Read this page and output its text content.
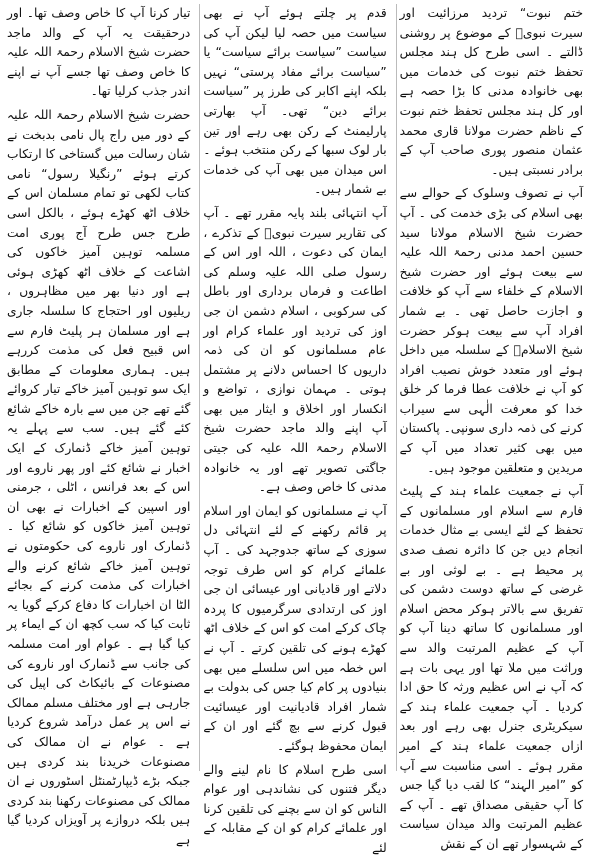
ختم نبوت“ تردید مرزائیت اور سیرت نبویؐ کے موضوع پر روشنی ڈالتے ۔ اسی طرح کل ہند مجلس تحفظ ختم نبوت کی خدمات میں بھی خانوادہ مدنی کا بڑا حصہ ہے اور کل ہند مجلس تحفظ ختم نبوت کے ناظم حضرت مولانا قاری محمد عثمان منصور پوری صاحب آپ کے برادر نسبتی ہیں۔

آپ نے تصوف وسلوک کے حوالے سے بھی اسلام کی بڑی خدمت کی ۔ آپ حضرت شیخ الاسلام مولانا سید حسین احمد مدنی رحمۃ اللہ علیہ سے بیعت ہوئے اور حضرت شیخ الاسلام کے خلفاء سے آپ کو خلافت و اجازت حاصل تھی ۔ بے شمار افراد آپ سے بیعت ہوکر حضرت شیخ الاسلامؒ کے سلسلہ میں داخل ہوئے اور متعدد خوش نصیب افراد کو آپ نے خلافت عطا فرما کر خلق خدا کو معرفت الٰہی سے سیراب کرنے کی ذمہ داری سونپی۔ پاکستان میں بھی کثیر تعداد میں آپ کے مریدین و متعلقین موجود ہیں۔

آپ نے جمعیت علماء ہند کے پلیٹ فارم سے اسلام اور مسلمانوں کے تحفظ کے لئے ایسی بے مثال خدمات انجام دیں جن کا دائرہ نصف صدی پر محیط ہے ۔ بے لوثی اور بے غرضی کے ساتھ دوست دشمن کی تفریق سے بالاتر ہوکر محض اسلام اور مسلمانوں کا ساتھ دینا آپ کو آپ کے عظیم المرتبت والد سے وراثت میں ملا تھا اور یہی بات ہے کہ آپ نے اس عظیم ورثہ کا حق ادا کردیا ۔ آپ جمعیت علماء ہند کے سیکریٹری جنرل بھی رہے اور بعد ازاں جمعیت علماء ہند کے امیر مقرر ہوئے ۔ اسی مناسبت سے آپ کو ”امیر الہند“ کا لقب دیا گیا جس کا آپ حقیقی مصداق تھے ۔ آپ کے عظیم المرتبت والد میدان سیاست کے شہسوار تھے ان کے نقش

قدم پر چلتے ہوئے آپ نے بھی سیاست میں حصہ لیا لیکن آپ کی سیاست ”سیاست برائے سیاست“ یا ”سیاست برائے مفاد پرستی“ نہیں بلکہ اپنے اکابر کی طرز پر ”سیاست برائے دین“ تھی۔ آپ بھارتی پارلیمنٹ کے رکن بھی رہے اور تین بار لوک سبھا کے رکن منتخب ہوئے ۔ اس میدان میں بھی آپ کی خدمات بے شمار ہیں۔

آپ انتہائی بلند پایہ مقرر تھے ۔ آپ کی تقاریر سیرت نبویؐ کے تذکرے ، ایمان کی دعوت ، اللہ اور اس کے رسول صلی اللہ علیہ وسلم کی اطاعت و فرماں برداری اور باطل کی سرکوبی ، اسلام دشمن ان جی اوز کی تردید اور علماء کرام اور عام مسلمانوں کو ان کی ذمہ داریوں کا احساس دلانے پر مشتمل ہوتی ۔ مہمان نوازی ، تواضع و انکسار اور اخلاق و ایثار میں بھی آپ اپنے والد ماجد حضرت شیخ الاسلام رحمۃ اللہ علیہ کی جیتی جاگتی تصویر تھے اور یہ خانوادہ مدنی کا خاص وصف ہے۔

آپ نے مسلمانوں کو ایمان اور اسلام پر قائم رکھنے کے لئے انتہائی دل سوزی کے ساتھ جدوجہد کی ۔ آپ علمائے کرام کو اس طرف توجہ دلاتے اور قادیانی اور عیسائی ان جی اوز کی ارتدادی سرگرمیوں کا پردہ چاک کرکے امت کو اس کے خلاف اٹھ کھڑے ہونے کی تلقین کرتے ۔ آپ نے اس خطہ میں اس سلسلے میں بھی بنیادوں پر کام کیا جس کی بدولت بے شمار افراد قادیانیت اور عیسائیت قبول کرنے سے بچ گئے اور ان کے ایمان محفوظ ہوگئے۔

اسی طرح اسلام کا نام لینے والے دیگر فتنوں کی نشاندہی اور عوام الناس کو ان سے بچنے کی تلقین کرنا اور علمائے کرام کو ان کے مقابلہ کے لئے

تیار کرنا آپ کا خاص وصف تھا۔ اور درحقیقت یہ آپ کے والد ماجد حضرت شیخ الاسلام رحمۃ اللہ علیہ کا خاص وصف تھا جسے آپ نے اپنے اندر جذب کرلیا تھا۔

حضرت شیخ الاسلام رحمۃ اللہ علیہ کے دور میں راج پال نامی بدبخت نے شان رسالت میں گستاخی کا ارتکاب کرتے ہوئے ”رنگیلا رسول“ نامی کتاب لکھی تو تمام مسلمان اس کے خلاف اٹھ کھڑے ہوئے ، بالکل اسی طرح جس طرح آج پوری امت مسلمہ توہین آمیز خاکوں کی اشاعت کے خلاف اٹھ کھڑی ہوئی ہے اور دنیا بھر میں مظاہروں ، ریلیوں اور احتجاج کا سلسلہ جاری ہے اور مسلمان ہر پلیٹ فارم سے اس قبیح فعل کی مذمت کررہے ہیں۔ ہماری معلومات کے مطابق ایک سو توہین آمیز خاکے تیار کروائے گئے تھے جن میں سے بارہ خاکے شائع کئے گئے ہیں۔ سب سے پہلے یہ توہین آمیز خاکے ڈنمارک کے ایک اخبار نے شائع کئے اور پھر ناروے اور اس کے بعد فرانس ، اٹلی ، جرمنی اور اسپین کے اخبارات نے بھی ان توہین آمیز خاکوں کو شائع کیا ۔ ڈنمارک اور ناروے کی حکومتوں نے توہین آمیز خاکے شائع کرنے والے اخبارات کی مذمت کرنے کے بجائے الٹا ان اخبارات کا دفاع کرکے گویا یہ ثابت کیا کہ سب کچھ ان کے ایماء پر کیا گیا ہے ۔ عوام اور امت مسلمہ کی جانب سے ڈنمارک اور ناروے کی مصنوعات کے بائیکاٹ کی اپیل کی جارہی ہے اور مختلف مسلم ممالک نے اس پر عمل درآمد شروع کردیا ہے ۔ عوام نے ان ممالک کی مصنوعات خریدنا بند کردی ہیں جبکہ بڑے ڈیپارٹمنٹل اسٹوروں نے ان ممالک کی مصنوعات رکھنا بند کردی ہیں بلکہ دروازے پر آویزاں کردیا گیا ہے
